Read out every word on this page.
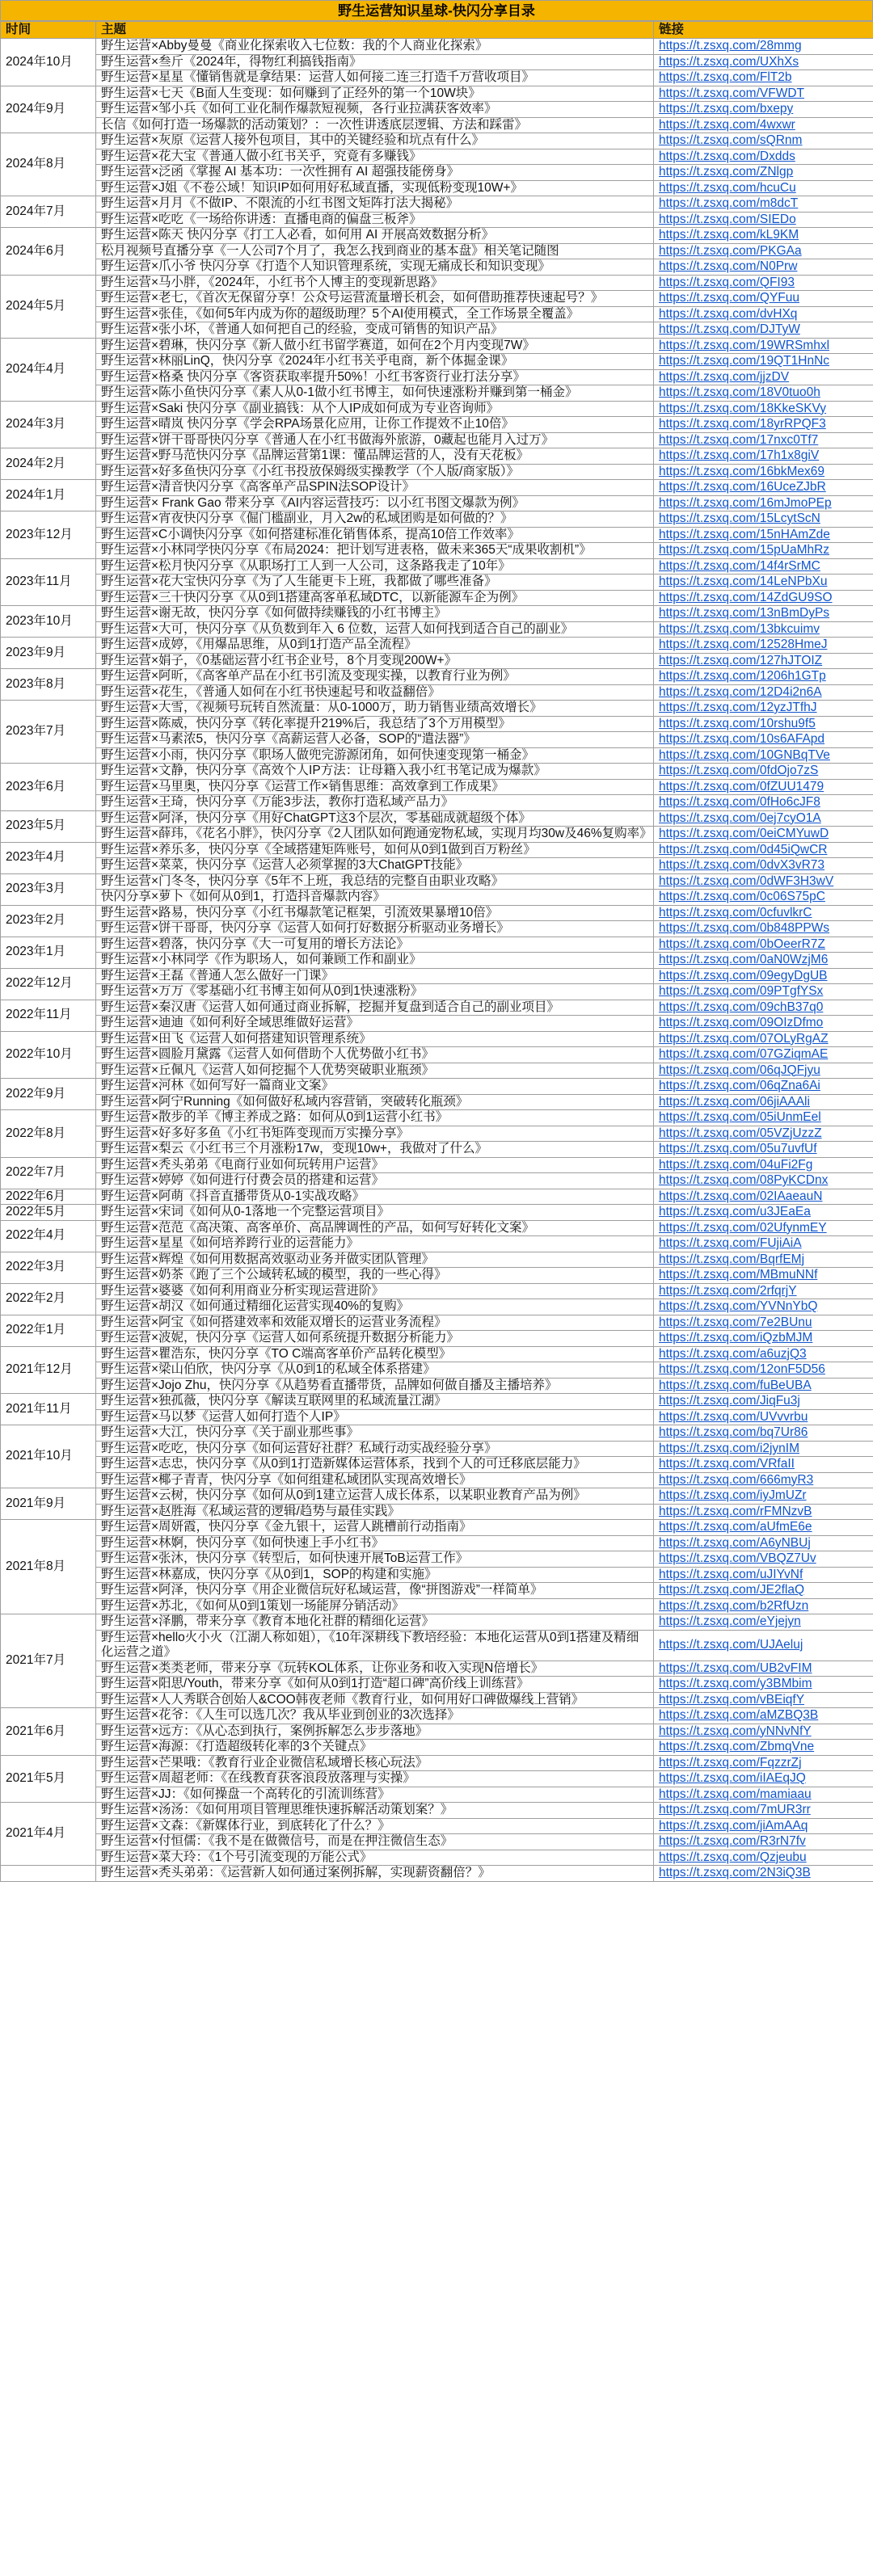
野生运营知识星球-快闪分享目录
时间	主题	链接
2024年10月	野生运营×Abby曼曼《商业化探索收入七位数：我的个人商业化探索》	https://t.zsxq.com/28mmg
	野生运营×叁斤《2024年，得物红利搞钱指南》	https://t.zsxq.com/UXhXs
	野生运营×星星《懂销售就是拿结果：运营人如何接二连三打造千万营收项目》	https://t.zsxq.com/FlT2b
2024年9月	野生运营×七天《B面人生变现：如何赚到了正经外的第一个10W块》	https://t.zsxq.com/VFWDT
	野生运营×邹小兵《如何工业化制作爆款短视频，各行业拉满获客效率》	https://t.zsxq.com/bxepy
	长信《如何打造一场爆款的活动策划？：一次性讲透底层逻辑、方法和踩雷》	https://t.zsxq.com/4wxwr
2024年8月	野生运营×灰原《运营人接外包项目，其中的关键经验和坑点有什么》	https://t.zsxq.com/sQRnm
	野生运营×花大宝《普通人做小红书关乎，究竟有多赚钱》	https://t.zsxq.com/Dxdds
	野生运营×泛函《掌握 AI 基本功：一次性拥有 AI 超强技能傍身》	https://t.zsxq.com/ZNlgp
	野生运营×J姐《不卷公域！知识IP如何用好私域直播，实现低粉变现10W+》	https://t.zsxq.com/hcuCu
2024年7月	野生运营×月月《不做IP、不限流的小红书图文矩阵打法大揭秘》	https://t.zsxq.com/m8dcT
	野生运营×吃吃《一场给你讲透：直播电商的偏盘三板斧》	https://t.zsxq.com/SIEDo
2024年6月	野生运营×陈天 快闪分享《打工人必看，如何用 AI 开展高效数据分析》	https://t.zsxq.com/kL9KM
	松月视频号直播分享《一人公司7个月了，我怎么找到商业的基本盘》相关笔记随图	https://t.zsxq.com/PKGAa
	野生运营×爪小爷 快闪分享《打造个人知识管理系统，实现无痛成长和知识变现》	https://t.zsxq.com/N0Prw
2024年5月	野生运营×马小胖，《2024年，小红书个人博主的变现新思路》	https://t.zsxq.com/QFI93
	野生运营×老七，《首次无保留分享！公众号运营流量增长机会，如何借助推荐快速起号？》	https://t.zsxq.com/QYFuu
	野生运营×张佳，《如何5年内成为你的超级助理？5个AI使用模式，全工作场景全覆盖》	https://t.zsxq.com/dvHXq
	野生运营×张小坏，《普通人如何把自己的经验，变成可销售的知识产品》	https://t.zsxq.com/DJTyW
2024年4月	野生运营×碧琳，快闪分享《新人做小红书留学赛道，如何在2个月内变现7W》	https://t.zsxq.com/19WRSmhxl
	野生运营×林丽LinQ，快闪分享《2024年小红书关乎电商，新个体掘金课》	https://t.zsxq.com/19QT1HnNc
	野生运营×格桑 快闪分享《客资获取率提升50%！小红书客资行业打法分享》	https://t.zsxq.com/jjzDV
	野生运营×陈小鱼快闪分享《素人从0-1做小红书博主，如何快速涨粉并赚到第一桶金》	https://t.zsxq.com/18V0tuo0h
2024年3月	野生运营×Saki 快闪分享《副业搞钱：从个人IP成如何成为专业咨询师》	https://t.zsxq.com/18KkeSKVy
	野生运营×晴岚 快闪分享《学会RPA场景化应用，让你工作提效不止10倍》	https://t.zsxq.com/18yrRPQF3
	野生运营×饼干哥哥快闪分享《普通人在小红书做海外旅游，0藏起也能月入过万》	https://t.zsxq.com/17nxc0Tf7
2024年2月	野生运营×野马范快闪分享《品牌运营第1课：懂品牌运营的人，没有天花板》	https://t.zsxq.com/17h1x8giV
	野生运营×好多鱼快闪分享《小红书投放保姆级实操教学（个人版/商家版）》	https://t.zsxq.com/16bkMex69
2024年1月	野生运营×清音快闪分享《高客单产品SPIN法SOP设计》	https://t.zsxq.com/16UceZJbR
	野生运营× Frank Gao 带来分享《AI内容运营技巧：以小红书图文爆款为例》	https://t.zsxq.com/16mJmoPEp
2023年12月	野生运营×宵夜快闪分享《倔门槛副业，月入2w的私域团购是如何做的？》	https://t.zsxq.com/15LcytScN
	野生运营×C小调快闪分享《如何搭建标准化销售体系，提高10倍工作效率》	https://t.zsxq.com/15nHAmZde
	野生运营×小林同学快闪分享《布局2024：把计划写进表格，做未来365天“成果收割机”》	https://t.zsxq.com/15pUaMhRz
2023年11月	野生运营×松月快闪分享《从职场打工人到一人公司，这条路我走了10年》	https://t.zsxq.com/14f4rSrMC
	野生运营×花大宝快闪分享《为了人生能更卡上班，我都做了哪些准备》	https://t.zsxq.com/14LeNPbXu
	野生运营×三十快闪分享《从0到1搭建高客单私域DTC，以新能源车企为例》	https://t.zsxq.com/14ZdGU9SO
2023年10月	野生运营×谢无故，快闪分享《如何做持续赚钱的小红书博主》	https://t.zsxq.com/13nBmDyPs
	野生运营×大可，快闪分享《从负数到年入 6 位数，运营人如何找到适合自己的副业》	https://t.zsxq.com/13bkcuimv
2023年9月	野生运营×成婷，《用爆品思维，从0到1打造产品全流程》	https://t.zsxq.com/12528HmeJ
	野生运营×娟子，《0基础运营小红书企业号，8个月变现200W+》	https://t.zsxq.com/127hJTOIZ
2023年8月	野生运营×阿昕，《高客单产品在小红书引流及变现实操，以教育行业为例》	https://t.zsxq.com/1206h1GTp
	野生运营×花生，《普通人如何在小红书快速起号和收益翻倍》	https://t.zsxq.com/12D4i2n6A
2023年7月	野生运营×大雪，《视频号玩转自然流量：从0-1000万，助力销售业绩高效增长》	https://t.zsxq.com/12yzJTfhJ
	野生运营×陈威，快闪分享《转化率提升219%后，我总结了3个万用模型》	https://t.zsxq.com/10rshu9f5
	野生运营×马素浓5，快闪分享《高薪运营人必备，SOP的“遣法器”》	https://t.zsxq.com/10s6AFApd
	野生运营×小雨，快闪分享《职场人做兜完游源闭角，如何快速变现第一桶金》	https://t.zsxq.com/10GNBqTVe
2023年6月	野生运营×文静，快闪分享《高效个人IP方法：让母籍入我小红书笔记成为爆款》	https://t.zsxq.com/0fdOjo7zS
	野生运营×马里奥，快闪分享《运营工作×销售思维：高效拿到工作成果》	https://t.zsxq.com/0fZUU1479
	野生运营×王琦，快闪分享《万能3步法，教你打造私域产品力》	https://t.zsxq.com/0fHo6cJF8
2023年5月	野生运营×阿泽，快闪分享《用好ChatGPT这3个层次，零基础成就超级个体》	https://t.zsxq.com/0ej7cyO1A
	野生运营×薛玮，《花名小胖》，快闪分享《2人团队如何跑通宠物私域，实现月均30w及46%复购率》	https://t.zsxq.com/0eiCMYuwD
2023年4月	野生运营×养乐多，快闪分享《全域搭建矩阵账号，如何从0到1做到百万粉丝》	https://t.zsxq.com/0d45iQwCR
	野生运营×菜菜，快闪分享《运营人必须掌握的3大ChatGPT技能》	https://t.zsxq.com/0dvX3vR73
2023年3月	野生运营×门冬冬，快闪分享《5年不上班，我总结的完整自由职业攻略》	https://t.zsxq.com/0dWF3H3wV
	快闪分享×萝卜《如何从0到1，打造抖音爆款内容》	https://t.zsxq.com/0c06S75pC
2023年2月	野生运营×路易，快闪分享《小红书爆款笔记框架，引流效果暴增10倍》	https://t.zsxq.com/0cfuvlkrC
	野生运营×饼干哥哥，快闪分享《运营人如何打好数据分析驱动业务增长》	https://t.zsxq.com/0b848PPWs
2023年1月	野生运营×碧落，快闪分享《大一可复用的增长方法论》	https://t.zsxq.com/0bOeerR7Z
	野生运营×小林同学《作为职场人，如何兼顾工作和副业》	https://t.zsxq.com/0aN0WzjM6
2022年12月	野生运营×王磊《普通人怎么做好一门课》	https://t.zsxq.com/09egyDgUB
	野生运营×万万《零基础小红书博主如何从0到1快速涨粉》	https://t.zsxq.com/09PTgfYSx
2022年11月	野生运营×秦汉唐《运营人如何通过商业拆解，挖掘并复盘到适合自己的副业项目》	https://t.zsxq.com/09chB37q0
	野生运营×迪迪《如何利好全域思维做好运营》	https://t.zsxq.com/09OIzDfmo
2022年10月	野生运营×田飞《运营人如何搭建知识管理系统》	https://t.zsxq.com/07OLyRgAZ
	野生运营×圆脸月黛露《运营人如何借助个人优势做小红书》	https://t.zsxq.com/07GZiqmAE
	野生运营×丘佩凡《运营人如何挖掘个人优势突破职业瓶颈》	https://t.zsxq.com/06qJQFjyu
2022年9月	野生运营×河林《如何写好一篇商业文案》	https://t.zsxq.com/06qZna6Ai
	野生运营×阿宁Running《如何做好私域内容营销，突破转化瓶颈》	https://t.zsxq.com/06jiAAAli
2022年8月	野生运营×散步的羊《博主养成之路：如何从0到1运营小红书》	https://t.zsxq.com/05iUnmEel
	野生运营×好多好多鱼《小红书矩阵变现而万实操分享》	https://t.zsxq.com/05VZjUzzZ
	野生运营×梨云《小红书三个月涨粉17w，变现10w+，我做对了什么》	https://t.zsxq.com/05u7uvfUf
2022年7月	野生运营×秃头弟弟《电商行业如何玩转用户运营》	https://t.zsxq.com/04uFi2Fg
	野生运营×婷婷《如何进行付费会员的搭建和运营》	https://t.zsxq.com/08PyKCDnx
2022年6月	野生运营×阿萌《抖音直播带货从0-1实战攻略》	https://t.zsxq.com/02IAaeauN
2022年5月	野生运营×宋词《如何从0-1落地一个完整运营项目》	https://t.zsxq.com/u3JEaEa
2022年4月	野生运营×范范《高决策、高客单价、高品牌调性的产品，如何写好转化文案》	https://t.zsxq.com/02UfynmEY
	野生运营×星星《如何培养跨行业的运营能力》	https://t.zsxq.com/FUjiAiA
2022年3月	野生运营×辉煌《如何用数据高效驱动业务并做实团队管理》	https://t.zsxq.com/BqrfEMj
	野生运营×奶茶《跑了三个公域转私域的模型，我的一些心得》	https://t.zsxq.com/MBmuNNf
2022年2月	野生运营×婆婆《如何利用商业分析实现运营进阶》	https://t.zsxq.com/2rfqrjY
	野生运营×胡汉《如何通过精细化运营实现40%的复购》	https://t.zsxq.com/YVNnYbQ
2022年1月	野生运营×阿宝《如何搭建效率和效能双增长的运营业务流程》	https://t.zsxq.com/7e2BUnu
	野生运营×波妮，快闪分享《运营人如何系统提升数据分析能力》	https://t.zsxq.com/iQzbMJM
2021年12月	野生运营×瞿浩东，快闪分享《TO C端高客单价产品转化模型》	https://t.zsxq.com/a6uzjQ3
	野生运营×梁山伯欣，快闪分享《从0到1的私域全体系搭建》	https://t.zsxq.com/12onF5D56
	野生运营×Jojo Zhu，快闪分享《从趋势看直播带货，品牌如何做自播及主播培养》	https://t.zsxq.com/fuBeUBA
2021年11月	野生运营×独孤薇，快闪分享《解读互联网里的私域流量江湖》	https://t.zsxq.com/JiqFu3j
	野生运营×马以梦《运营人如何打造个人IP》	https://t.zsxq.com/UVvvrbu
2021年10月	野生运营×大江，快闪分享《关于副业那些事》	https://t.zsxq.com/bq7Ur86
	野生运营×吃吃，快闪分享《如何运营好社群？私域行动实战经验分享》	https://t.zsxq.com/i2jynIM
	野生运营×志忠，快闪分享《从0到1打造新媒体运营体系，找到个人的可迁移底层能力》	https://t.zsxq.com/VRfaII
	野生运营×椰子青青，快闪分享《如何组建私域团队实现高效增长》	https://t.zsxq.com/666myR3
2021年9月	野生运营×云树，快闪分享《如何从0到1建立运营人成长体系，以某职业教育产品为例》	https://t.zsxq.com/iyJmUZr
	野生运营×赵胜海《私域运营的逻辑/趋势与最佳实践》	https://t.zsxq.com/rFMNzvB
2021年8月	野生运营×周妍霞，快闪分享《金九银十，运营人跳槽前行动指南》	https://t.zsxq.com/aUfmE6e
	野生运营×林婀，快闪分享《如何快速上手小红书》	https://t.zsxq.com/A6yNBUj
	野生运营×张沐，快闪分享《转型后，如何快速开展ToB运营工作》	https://t.zsxq.com/VBQZ7Uv
	野生运营×林嘉成，快闪分享《从0到1，SOP的构建和实施》	https://t.zsxq.com/uJIYvNf
	野生运营×阿泽，快闪分享《用企业微信玩好私域运营，像“拼图游戏”一样简单》	https://t.zsxq.com/JE2flaQ
	野生运营×苏北，《如何从0到1策划一场能屏分销活动》	https://t.zsxq.com/b2RfUzn
2021年7月	野生运营×泽鹏，带来分享《教育本地化社群的精细化运营》	https://t.zsxq.com/eYjejyn
	野生运营×hello火小火（江湖人称如姐），《10年深耕线下教培经验：本地化运营从0到1搭建及精细化运营之道》	https://t.zsxq.com/UJAeluj
	野生运营×类类老师，带来分享《玩转KOL体系，让你业务和收入实现N倍增长》	https://t.zsxq.com/UB2vFIM
	野生运营×阳思/Youth，带来分享《如何从0到1打造“超口碑”高价线上训练营》	https://t.zsxq.com/y3BMbim
	野生运营×人人秀联合创始人&COO韩夜老师《教育行业，如何用好口碑做爆线上营销》	https://t.zsxq.com/vBEiqfY
2021年6月	野生运营×花爷：《人生可以选几次？我从毕业到创业的3次选择》	https://t.zsxq.com/aMZBQ3B
	野生运营×远方：《从心态到执行，案例拆解怎么步步落地》	https://t.zsxq.com/yNNvNfY
	野生运营×海源：《打造超级转化率的3个关键点》	https://t.zsxq.com/ZbmqVne
2021年5月	野生运营×芒果哦：《教育行业企业微信私域增长核心玩法》	https://t.zsxq.com/FqzzrZj
	野生运营×周超老师：《在线教育获客浪段放落理与实操》	https://t.zsxq.com/iIAEqJQ
	野生运营×JJ：《如何操盘一个高转化的引流训练营》	https://t.zsxq.com/mamiaau
2021年4月	野生运营×汤汤：《如何用项目管理思维快速拆解活动策划案？》	https://t.zsxq.com/7mUR3rr
	野生运营×文森：《新媒体行业，到底转化了什么？》	https://t.zsxq.com/jiAmAAq
	野生运营×付恒儒：《我不是在做微信号，而是在押注微信生态》	https://t.zsxq.com/R3rN7fv
	野生运营×菜大玲：《1个号引流变现的万能公式》	https://t.zsxq.com/Qzjeubu
	野生运营×秃头弟弟：《运营新人如何通过案例拆解，实现薪资翻倍？》	https://t.zsxq.com/2N3iQ3B
